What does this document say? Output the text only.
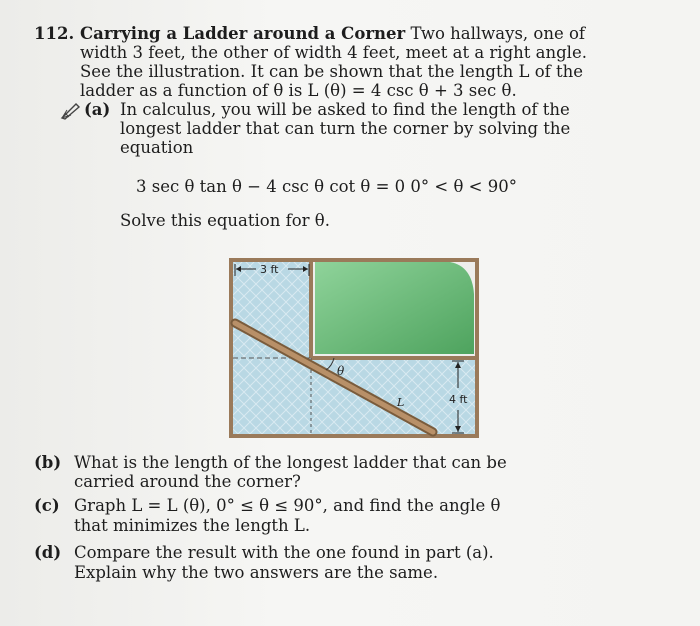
112. Carrying a Ladder around a Corner Two hallways, one of
width 3 feet, the other of width 4 feet, meet at a right angle.
See the illustration. It can be shown that the length L of the
ladder as a function of θ is L (θ) = 4 csc θ + 3 sec θ.
(a) In calculus, you will be asked to find the length of the
longest ladder that can turn the corner by solving the
equation
3 sec θ tan θ − 4 csc θ cot θ = 0 0° < θ < 90°
Solve this equation for θ.
θ
L
3 ft
4 ft
(b) What is the length of the longest ladder that can be
carried around the corner?
(c) Graph L = L (θ), 0° ≤ θ ≤ 90°, and find the angle θ
that minimizes the length L.
(d) Compare the result with the one found in part (a).
Explain why the two answers are the same.
